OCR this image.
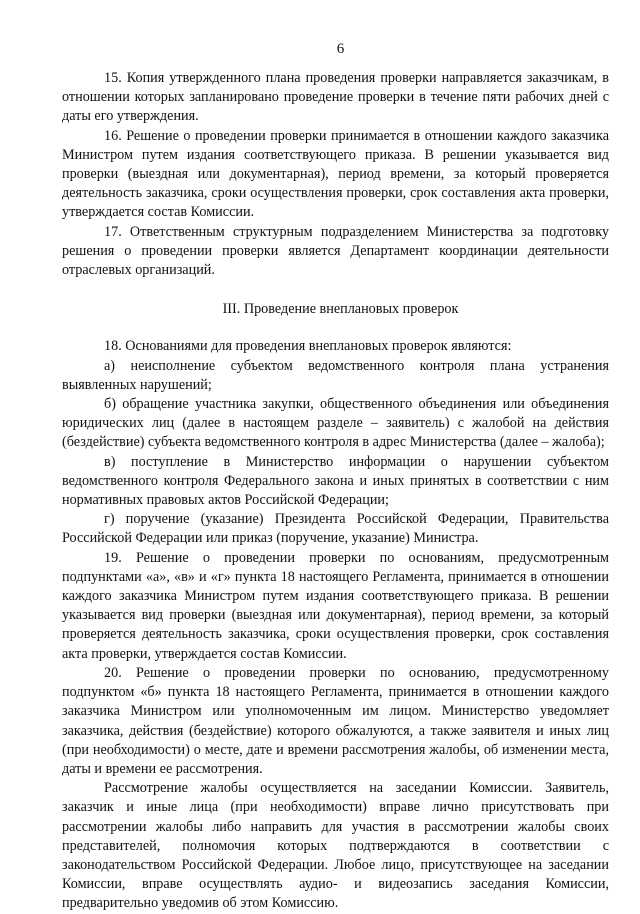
6

15. Копия утвержденного плана проведения проверки направляется заказчикам, в отношении которых запланировано проведение проверки в течение пяти рабочих дней с даты его утверждения.

16. Решение о проведении проверки принимается в отношении каждого заказчика Министром путем издания соответствующего приказа. В решении указывается вид проверки (выездная или документарная), период времени, за который проверяется деятельность заказчика, сроки осуществления проверки, срок составления акта проверки, утверждается состав Комиссии.

17. Ответственным структурным подразделением Министерства за подготовку решения о проведении проверки является Департамент координации деятельности отраслевых организаций.

III. Проведение внеплановых проверок

18. Основаниями для проведения внеплановых проверок являются:

а) неисполнение субъектом ведомственного контроля плана устранения выявленных нарушений;

б) обращение участника закупки, общественного объединения или объединения юридических лиц (далее в настоящем разделе – заявитель) с жалобой на действия (бездействие) субъекта ведомственного контроля в адрес Министерства (далее – жалоба);

в) поступление в Министерство информации о нарушении субъектом ведомственного контроля Федерального закона и иных принятых в соответствии с ним нормативных правовых актов Российской Федерации;

г) поручение (указание) Президента Российской Федерации, Правительства Российской Федерации или приказ (поручение, указание) Министра.

19. Решение о проведении проверки по основаниям, предусмотренным подпунктами «а», «в» и «г» пункта 18 настоящего Регламента, принимается в отношении каждого заказчика Министром путем издания соответствующего приказа. В решении указывается вид проверки (выездная или документарная), период времени, за который проверяется деятельность заказчика, сроки осуществления проверки, срок составления акта проверки, утверждается состав Комиссии.

20. Решение о проведении проверки по основанию, предусмотренному подпунктом «б» пункта 18 настоящего Регламента, принимается в отношении каждого заказчика Министром или уполномоченным им лицом. Министерство уведомляет заказчика, действия (бездействие) которого обжалуются, а также заявителя и иных лиц (при необходимости) о месте, дате и времени рассмотрения жалобы, об изменении места, даты и времени ее рассмотрения.

Рассмотрение жалобы осуществляется на заседании Комиссии. Заявитель, заказчик и иные лица (при необходимости) вправе лично присутствовать при рассмотрении жалобы либо направить для участия в рассмотрении жалобы своих представителей, полномочия которых подтверждаются в соответствии с законодательством Российской Федерации. Любое лицо, присутствующее на заседании Комиссии, вправе осуществлять аудио- и видеозапись заседания Комиссии, предварительно уведомив об этом Комиссию.
